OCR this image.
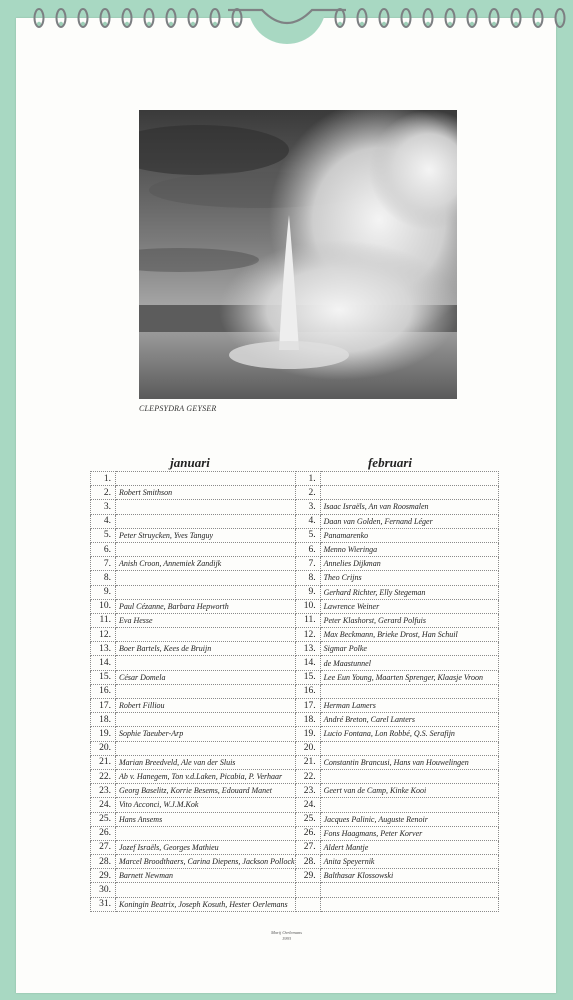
CLEPSYDRA GEYSER
januari	februari
1.		1.	
2.	Robert Smithson	2.	
3.		3.	Isaac Israëls, An van Roosmalen
4.		4.	Daan van Golden, Fernand Léger
5.	Peter Struycken, Yves Tanguy	5.	Panamarenko
6.		6.	Menno Wieringa
7.	Anish Croon, Annemiek Zandijk	7.	Annelies Dijkman
8.		8.	Theo Crijns
9.		9.	Gerhard Richter, Elly Stegeman
10.	Paul Cézanne, Barbara Hepworth	10.	Lawrence Weiner
11.	Eva Hesse	11.	Peter Klashorst, Gerard Polfuis
12.		12.	Max Beckmann, Brieke Drost, Han Schuil
13.	Boer Bartels, Kees de Bruijn	13.	Sigmar Polke
14.		14.	de Maastunnel
15.	César Domela	15.	Lee Eun Young, Maarten Sprenger, Klaasje Vroon
16.		16.	
17.	Robert Filliou	17.	Herman Lamers
18.		18.	André Breton, Carel Lanters
19.	Sophie Taeuber-Arp	19.	Lucio Fontana, Lon Robbé, Q.S. Serafijn
20.		20.	
21.	Marian Breedveld, Ale van der Sluis	21.	Constantin Brancusi, Hans van Houwelingen
22.	Ab v. Hanegem, Ton v.d.Laken, Picabia, P. Verhaar	22.	
23.	Georg Baselitz, Korrie Besems, Edouard Manet	23.	Geert van de Camp, Kinke Kooi
24.	Vito Acconci, W.J.M.Kok	24.	
25.	Hans Ansems	25.	Jacques Palinic, Auguste Renoir
26.		26.	Fons Haagmans, Peter Korver
27.	Jozef Israëls, Georges Mathieu	27.	Aldert Mantje
28.	Marcel Broodthaers, Carina Diepens, Jackson Pollock	28.	Anita Speyernik
29.	Barnett Newman	29.	Balthasar Klossowski
30.			
31.	Koningin Beatrix, Joseph Kosuth, Hester Oerlemans		
Marij Oerlemans
1993
